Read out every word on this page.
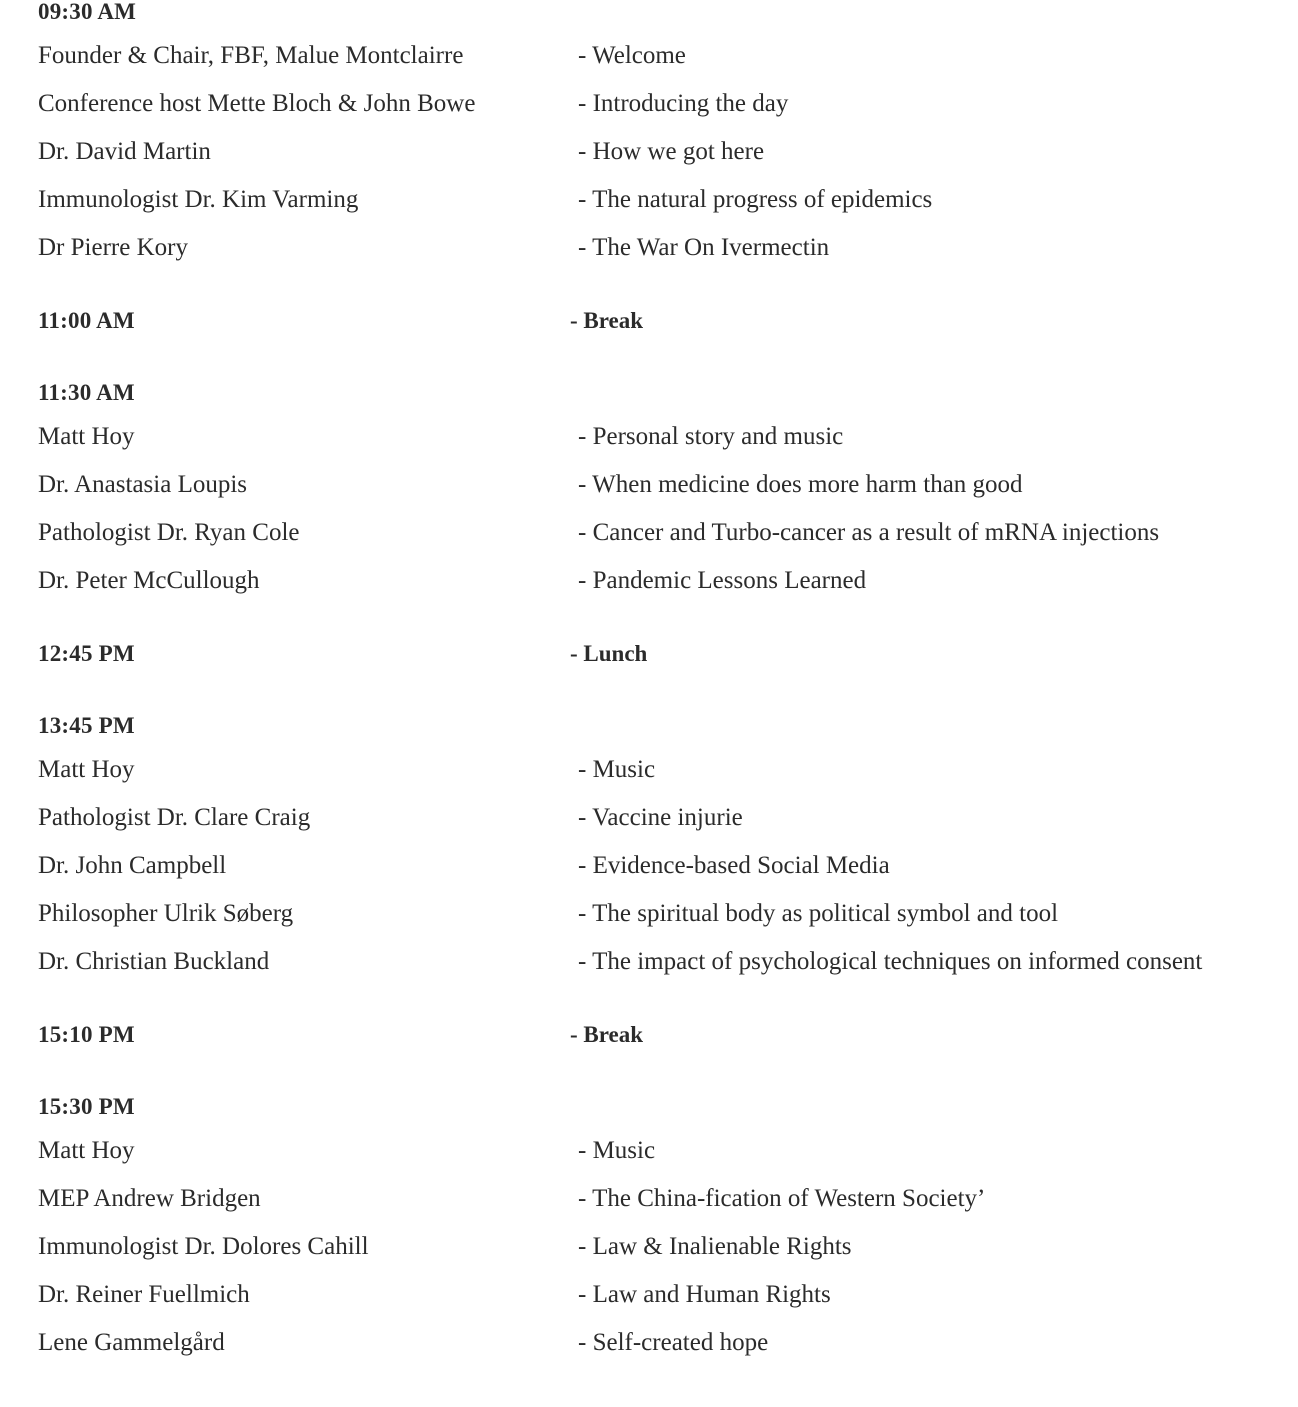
09:30 AM
Founder & Chair, FBF, Malue Montclairre	- Welcome
Conference host Mette Bloch & John Bowe	- Introducing the day
Dr. David Martin	- How we got here
Immunologist Dr. Kim Varming	- The natural progress of epidemics
Dr Pierre Kory	- The War On Ivermectin
11:00 AM	- Break
11:30 AM
Matt Hoy	- Personal story and music
Dr. Anastasia Loupis	- When medicine does more harm than good
Pathologist Dr. Ryan Cole	- Cancer and Turbo-cancer as a result of mRNA injections
Dr. Peter McCullough	- Pandemic Lessons Learned
12:45 PM	- Lunch
13:45 PM
Matt Hoy	- Music
Pathologist Dr. Clare Craig	- Vaccine injurie
Dr. John Campbell	- Evidence-based Social Media
Philosopher Ulrik Søberg	- The spiritual body as political symbol and tool
Dr. Christian Buckland	- The impact of psychological techniques on informed consent
15:10 PM	- Break
15:30 PM
Matt Hoy	- Music
MEP Andrew Bridgen	- The China-fication of Western Society’
Immunologist Dr. Dolores Cahill	- Law & Inalienable Rights
Dr. Reiner Fuellmich	- Law and Human Rights
Lene Gammelgård	- Self-created hope
